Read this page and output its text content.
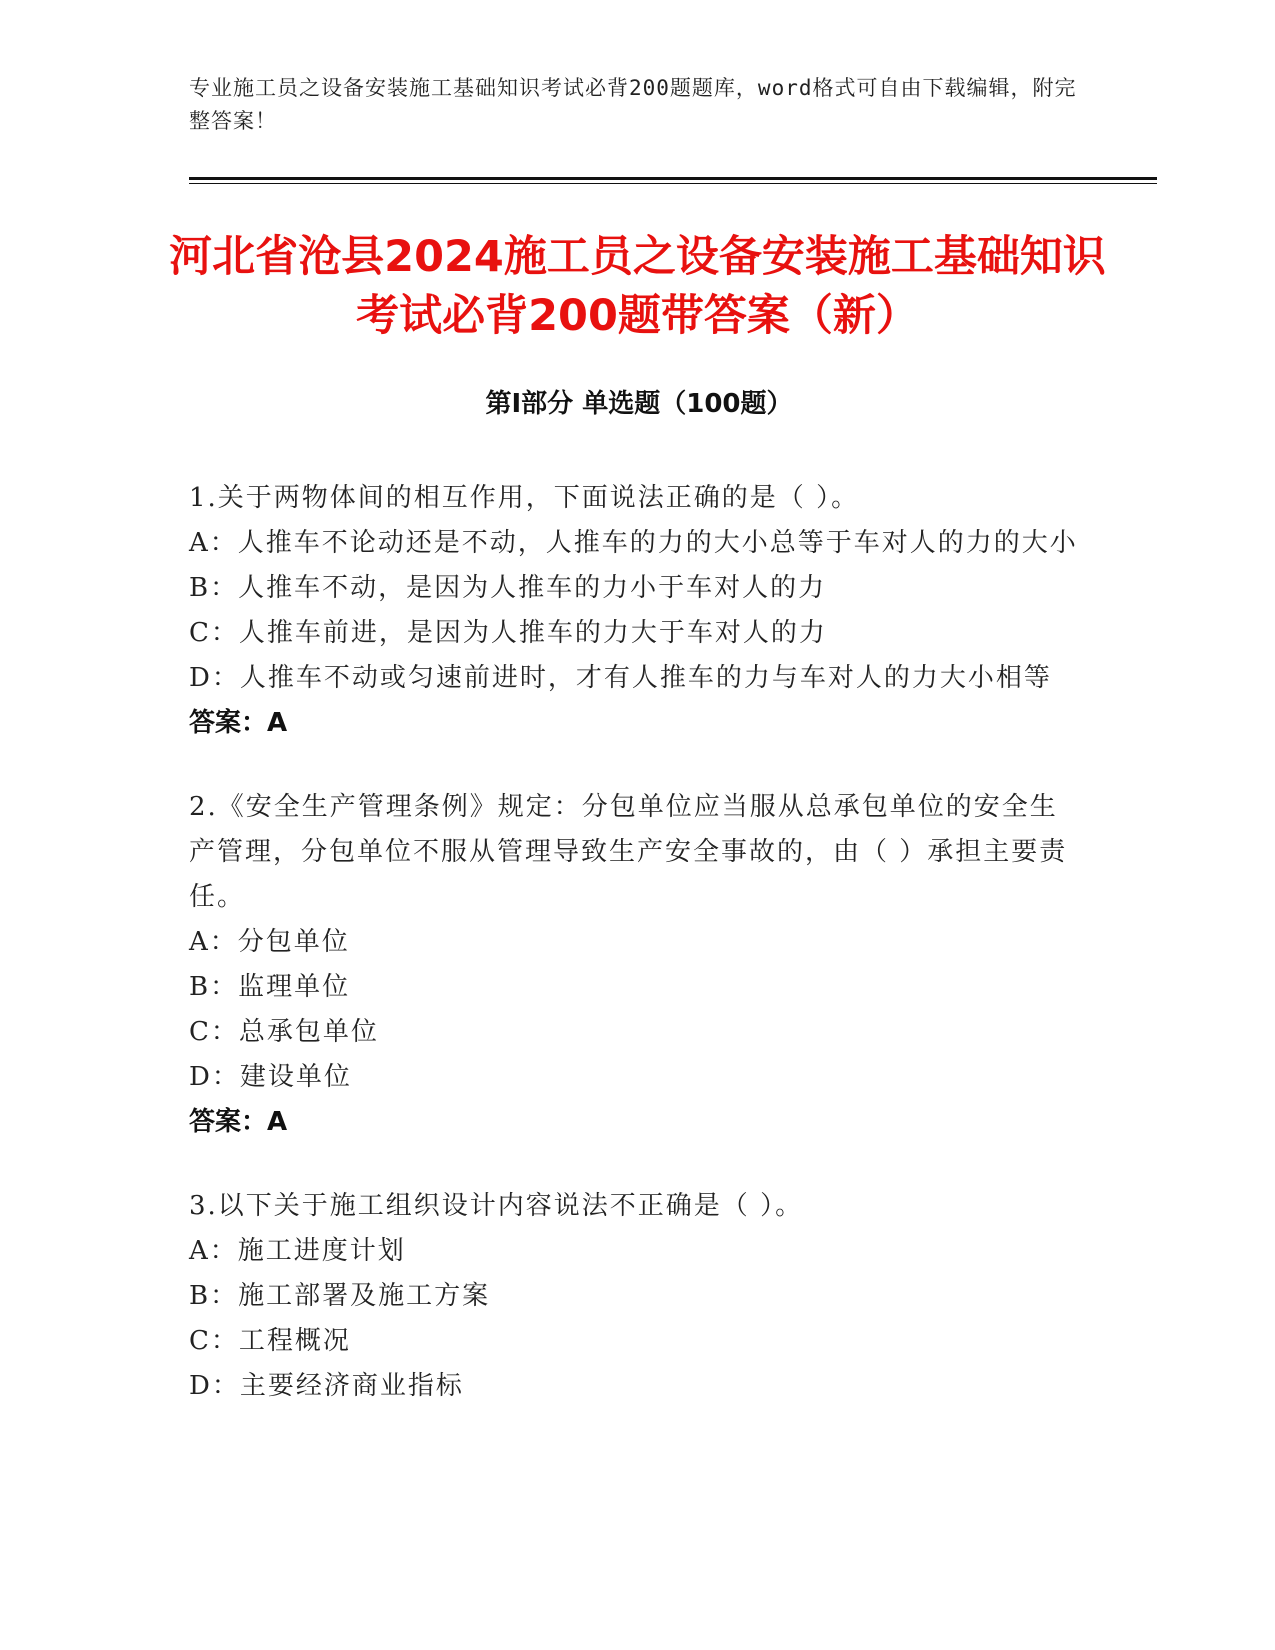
专业施工员之设备安装施工基础知识考试必背200题题库，word格式可自由下载编辑，附完整答案！
河北省沧县2024施工员之设备安装施工基础知识考试必背200题带答案（新）
第I部分 单选题（100题）
1.关于两物体间的相互作用，下面说法正确的是（ ）。
A：人推车不论动还是不动，人推车的力的大小总等于车对人的力的大小
B：人推车不动，是因为人推车的力小于车对人的力
C：人推车前进，是因为人推车的力大于车对人的力
D：人推车不动或匀速前进时，才有人推车的力与车对人的力大小相等
答案：A
2.《安全生产管理条例》规定：分包单位应当服从总承包单位的安全生产管理，分包单位不服从管理导致生产安全事故的，由（ ）承担主要责任。
A：分包单位
B：监理单位
C：总承包单位
D：建设单位
答案：A
3.以下关于施工组织设计内容说法不正确是（ ）。
A：施工进度计划
B：施工部署及施工方案
C：工程概况
D：主要经济商业指标
